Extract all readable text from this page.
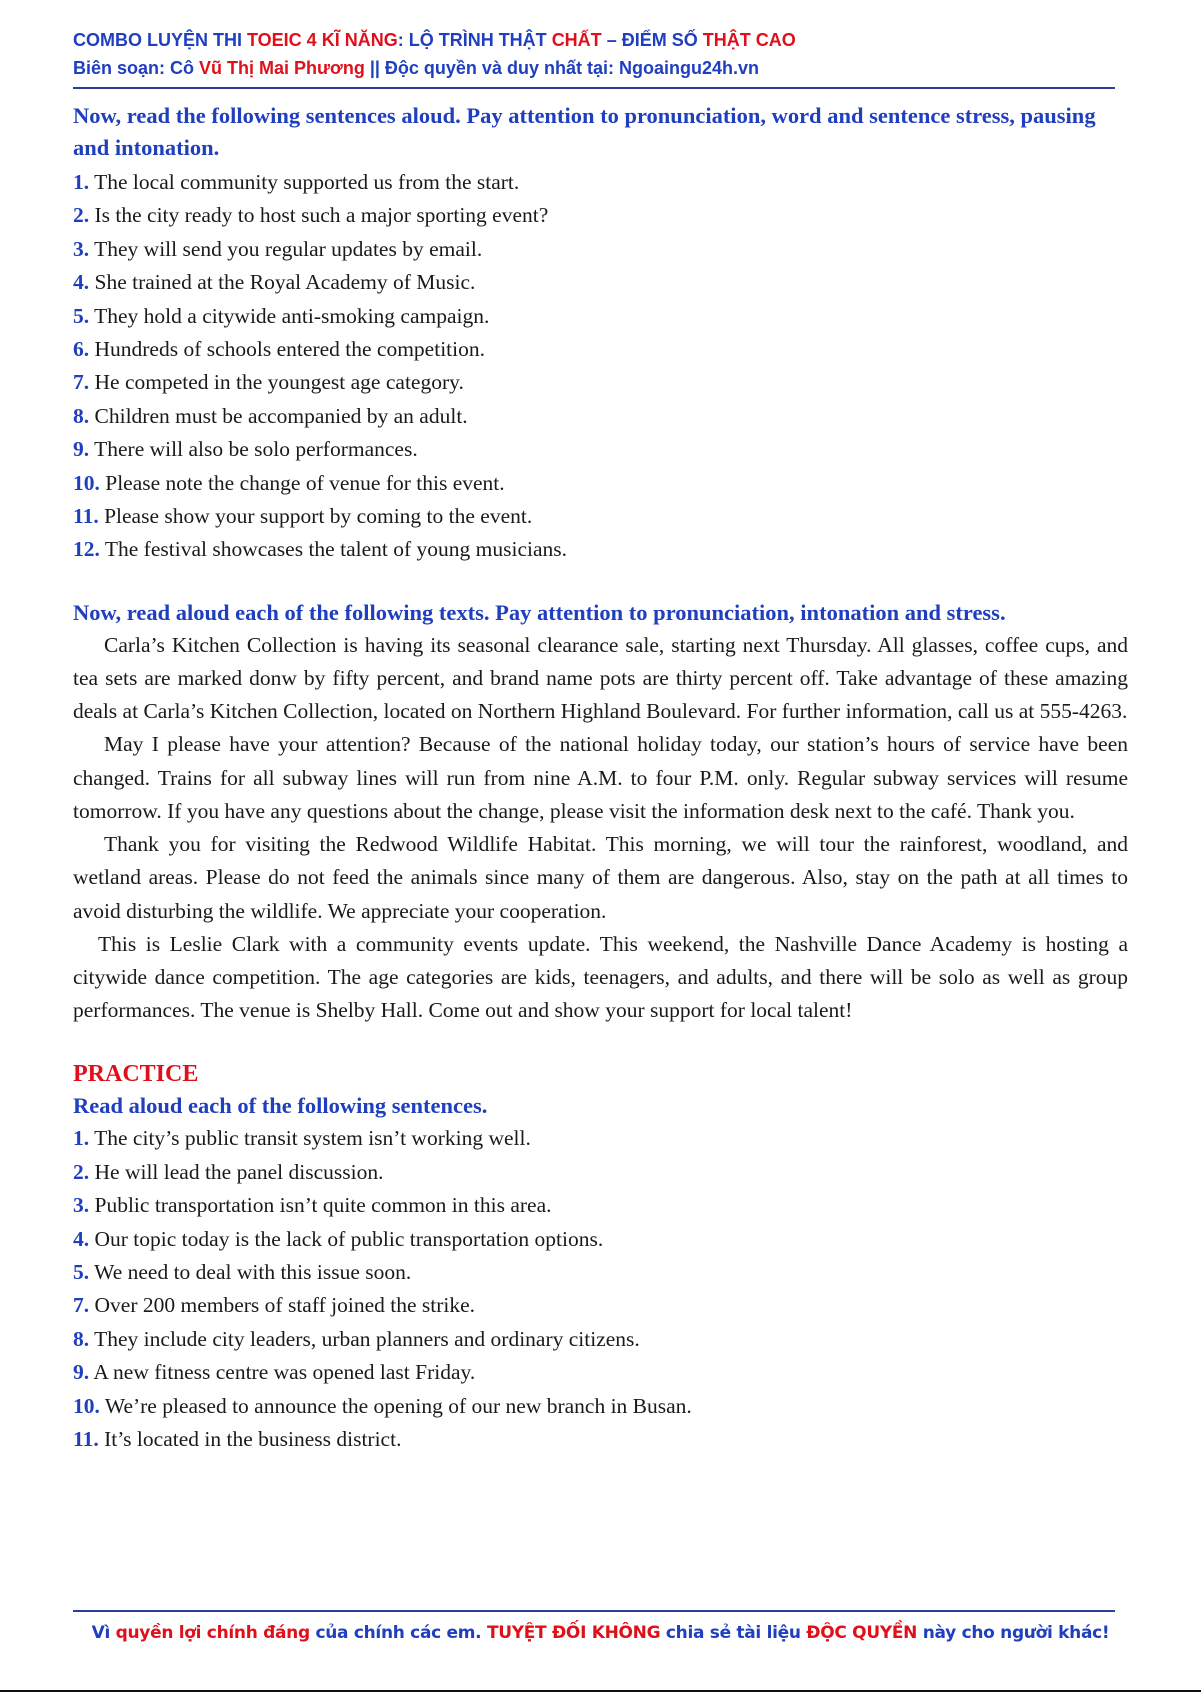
COMBO LUYỆN THI TOEIC 4 KĨ NĂNG: LỘ TRÌNH THẬT CHẤT – ĐIỂM SỐ THẬT CAO
Biên soạn: Cô Vũ Thị Mai Phương || Độc quyền và duy nhất tại: Ngoaingu24h.vn
Now, read the following sentences aloud. Pay attention to pronunciation, word and sentence stress, pausing and intonation.
1. The local community supported us from the start.
2. Is the city ready to host such a major sporting event?
3. They will send you regular updates by email.
4. She trained at the Royal Academy of Music.
5. They hold a citywide anti-smoking campaign.
6. Hundreds of schools entered the competition.
7. He competed in the youngest age category.
8. Children must be accompanied by an adult.
9. There will also be solo performances.
10. Please note the change of venue for this event.
11. Please show your support by coming to the event.
12. The festival showcases the talent of young musicians.
Now, read aloud each of the following texts. Pay attention to pronunciation, intonation and stress.

Carla’s Kitchen Collection is having its seasonal clearance sale, starting next Thursday. All glasses, coffee cups, and tea sets are marked donw by fifty percent, and brand name pots are thirty percent off. Take advantage of these amazing deals at Carla’s Kitchen Collection, located on Northern Highland Boulevard. For further information, call us at 555-4263.

May I please have your attention? Because of the national holiday today, our station’s hours of service have been changed. Trains for all subway lines will run from nine A.M. to four P.M. only. Regular subway services will resume tomorrow. If you have any questions about the change, please visit the information desk next to the café. Thank you.

Thank you for visiting the Redwood Wildlife Habitat. This morning, we will tour the rainforest, woodland, and wetland areas. Please do not feed the animals since many of them are dangerous. Also, stay on the path at all times to avoid disturbing the wildlife. We appreciate your cooperation.

This is Leslie Clark with a community events update. This weekend, the Nashville Dance Academy is hosting a citywide dance competition. The age categories are kids, teenagers, and adults, and there will be solo as well as group performances. The venue is Shelby Hall. Come out and show your support for local talent!

PRACTICE
Read aloud each of the following sentences.
1. The city’s public transit system isn’t working well.
2. He will lead the panel discussion.
3. Public transportation isn’t quite common in this area.
4. Our topic today is the lack of public transportation options.
5. We need to deal with this issue soon.
7. Over 200 members of staff joined the strike.
8. They include city leaders, urban planners and ordinary citizens.
9. A new fitness centre was opened last Friday.
10. We’re pleased to announce the opening of our new branch in Busan.
11. It’s located in the business district.
Vì quyền lợi chính đáng của chính các em. TUYỆT ĐỐI KHÔNG chia sẻ tài liệu ĐỘC QUYỀN này cho người khác!
